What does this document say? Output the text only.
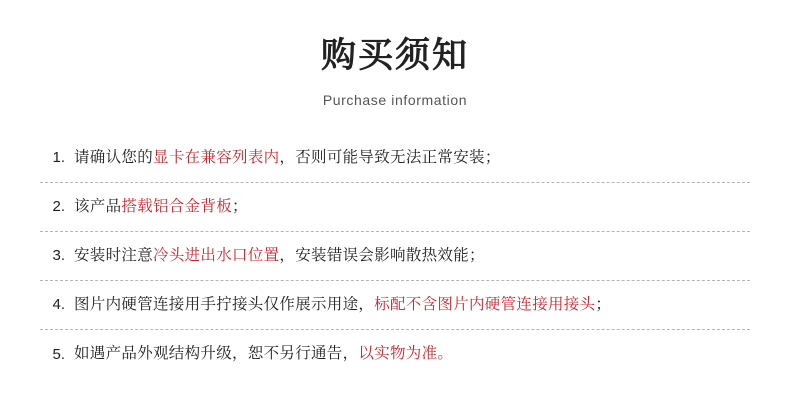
购买须知
Purchase information
1. 请确认您的显卡在兼容列表内，否则可能导致无法正常安装；
2. 该产品搭载铝合金背板；
3. 安装时注意冷头进出水口位置，安装错误会影响散热效能；
4. 图片内硬管连接用手拧接头仅作展示用途，标配不含图片内硬管连接用接头；
5. 如遇产品外观结构升级，恕不另行通告，以实物为准。
